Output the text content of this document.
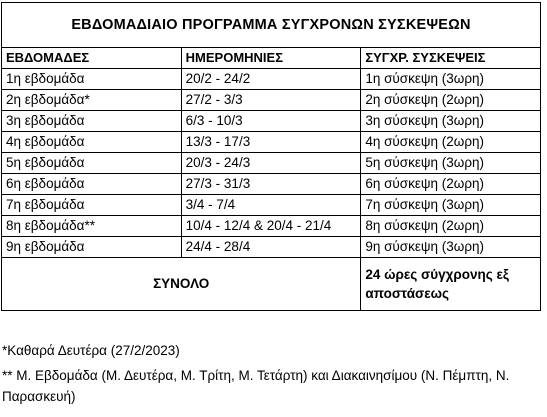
ΕΒΔΟΜΑΔΙΑΙΟ ΠΡΟΓΡΑΜΜΑ ΣΥΓΧΡΟΝΩΝ ΣΥΣΚΕΨΕΩΝ		
ΕΒΔΟΜΑΔΕΣ	ΗΜΕΡΟΜΗΝΙΕΣ	ΣΥΓΧΡ. ΣΥΣΚΕΨΕΙΣ
1η εβδομάδα	20/2 - 24/2	1η σύσκεψη (3ωρη)
2η εβδομάδα*	27/2 - 3/3	2η σύσκεψη (2ωρη)
3η εβδομάδα	6/3 - 10/3	3η σύσκεψη (3ωρη)
4η εβδομάδα	13/3 - 17/3	4η σύσκεψη (2ωρη)
5η εβδομάδα	20/3 - 24/3	5η σύσκεψη (3ωρη)
6η εβδομάδα	27/3 - 31/3	6η σύσκεψη (2ωρη)
7η εβδομάδα	3/4 - 7/4	7η σύσκεψη (3ωρη)
8η εβδομάδα**	10/4 - 12/4 & 20/4 - 21/4	8η σύσκεψη (2ωρη)
9η εβδομάδα	24/4 - 28/4	9η σύσκεψη (3ωρη)
ΣΥΝΟΛΟ		24 ώρες σύγχρονης εξ αποστάσεως

*Καθαρά Δευτέρα (27/2/2023)

** Μ. Εβδομάδα (Μ. Δευτέρα, Μ. Τρίτη, Μ. Τετάρτη) και Διακαινησίμου (Ν. Πέμπτη, Ν. Παρασκευή)
